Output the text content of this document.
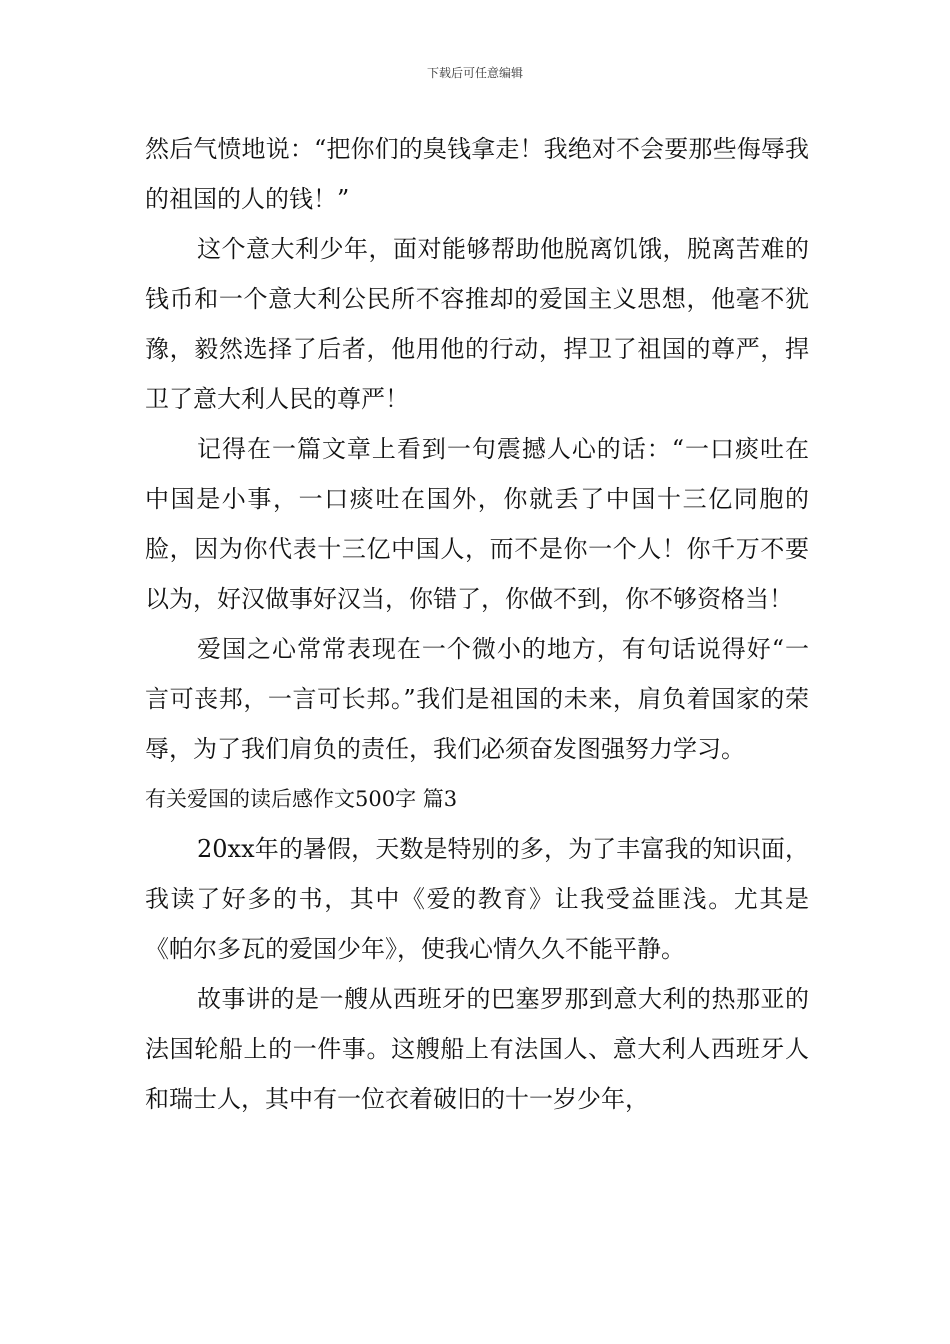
下载后可任意编辑

然后气愤地说：“把你们的臭钱拿走！我绝对不会要那些侮辱我的祖国的人的钱！”

这个意大利少年，面对能够帮助他脱离饥饿，脱离苦难的钱币和一个意大利公民所不容推却的爱国主义思想，他毫不犹豫，毅然选择了后者，他用他的行动，捍卫了祖国的尊严，捍卫了意大利人民的尊严！

记得在一篇文章上看到一句震撼人心的话：“一口痰吐在中国是小事，一口痰吐在国外，你就丢了中国十三亿同胞的脸，因为你代表十三亿中国人，而不是你一个人！你千万不要以为，好汉做事好汉当，你错了，你做不到，你不够资格当！

爱国之心常常表现在一个微小的地方，有句话说得好“一言可丧邦，一言可长邦。”我们是祖国的未来，肩负着国家的荣辱，为了我们肩负的责任，我们必须奋发图强努力学习。

有关爱国的读后感作文500字 篇3

20xx年的暑假，天数是特别的多，为了丰富我的知识面，我读了好多的书，其中《爱的教育》让我受益匪浅。尤其是《帕尔多瓦的爱国少年》，使我心情久久不能平静。

故事讲的是一艘从西班牙的巴塞罗那到意大利的热那亚的法国轮船上的一件事。这艘船上有法国人、意大利人西班牙人和瑞士人，其中有一位衣着破旧的十一岁少年，
